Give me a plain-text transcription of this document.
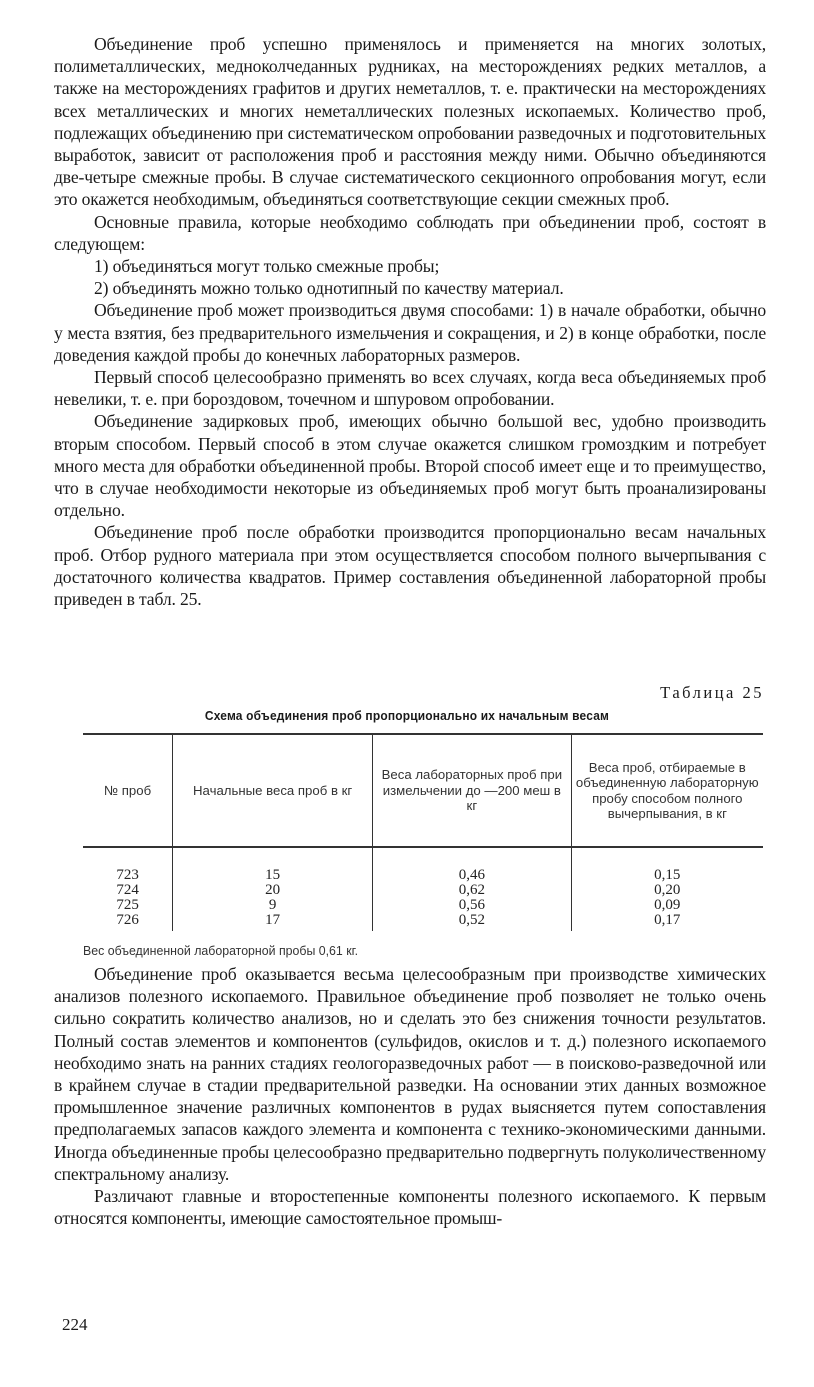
Объединение проб успешно применялось и применяется на многих золотых, полиметаллических, медноколчеданных рудниках, на месторождениях редких металлов, а также на месторождениях графитов и других неметаллов, т. е. практически на месторождениях всех металлических и многих неметаллических полезных ископаемых. Количество проб, подлежащих объединению при систематическом опробовании разведочных и подготовительных выработок, зависит от расположения проб и расстояния между ними. Обычно объединяются две-четыре смежные пробы. В случае систематического секционного опробования могут, если это окажется необходимым, объединяться соответствующие секции смежных проб.

Основные правила, которые необходимо соблюдать при объединении проб, состоят в следующем:

1) объединяться могут только смежные пробы;

2) объединять можно только однотипный по качеству материал.

Объединение проб может производиться двумя способами: 1) в начале обработки, обычно у места взятия, без предварительного измельчения и сокращения, и 2) в конце обработки, после доведения каждой пробы до конечных лабораторных размеров.

Первый способ целесообразно применять во всех случаях, когда веса объединяемых проб невелики, т. е. при бороздовом, точечном и шпуровом опробовании.

Объединение задирковых проб, имеющих обычно большой вес, удобно производить вторым способом. Первый способ в этом случае окажется слишком громоздким и потребует много места для обработки объединенной пробы. Второй способ имеет еще и то преимущество, что в случае необходимости некоторые из объединяемых проб могут быть проанализированы отдельно.

Объединение проб после обработки производится пропорционально весам начальных проб. Отбор рудного материала при этом осуществляется способом полного вычерпывания с достаточного количества квадратов. Пример составления объединенной лабораторной пробы приведен в табл. 25.

Таблица 25
Схема объединения проб пропорционально их начальным весам
№ проб	Начальные веса проб в кг	Веса лабораторных проб при измельчении до —200 меш в кг	Веса проб, отбираемые в объединенную лабораторную пробу способом полного вычерпывания, в кг
723	15	0,46	0,15
724	20	0,62	0,20
725	9	0,56	0,09
726	17	0,52	0,17
Вес объединенной лабораторной пробы 0,61 кг.

Объединение проб оказывается весьма целесообразным при производстве химических анализов полезного ископаемого. Правильное объединение проб позволяет не только очень сильно сократить количество анализов, но и сделать это без снижения точности результатов. Полный состав элементов и компонентов (сульфидов, окислов и т. д.) полезного ископаемого необходимо знать на ранних стадиях геологоразведочных работ — в поисково-разведочной или в крайнем случае в стадии предварительной разведки. На основании этих данных возможное промышленное значение различных компонентов в рудах выясняется путем сопоставления предполагаемых запасов каждого элемента и компонента с технико-экономическими данными. Иногда объединенные пробы целесообразно предварительно подвергнуть полуколичественному спектральному анализу.

Различают главные и второстепенные компоненты полезного ископаемого. К первым относятся компоненты, имеющие самостоятельное промыш-

224
